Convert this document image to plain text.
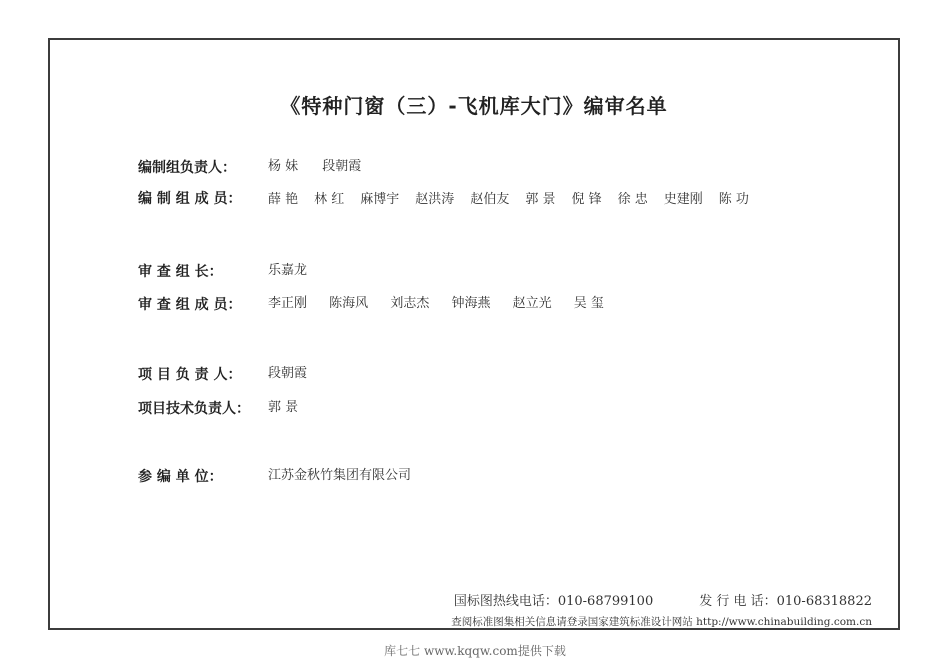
《特种门窗（三）-飞机库大门》编审名单
编制组负责人：	杨 妹 段朝霞
编 制 组 成 员：	薛 艳 林 红 麻博宇 赵洪涛 赵伯友 郭 景 倪 锋 徐 忠 史建刚 陈 功
审 查 组 长：	乐嘉龙
审 查 组 成 员：	李正刚 陈海风 刘志杰 钟海燕 赵立光 吴 玺
项 目 负 责 人：	段朝霞
项目技术负责人：	郭 景
参 编 单 位：	江苏金秋竹集团有限公司
国标图热线电话：010-68799100	发 行 电 话：010-68318822
查阅标准图集相关信息请登录国家建筑标准设计网站 http://www.chinabuilding.com.cn
库七七 www.kqqw.com提供下载
